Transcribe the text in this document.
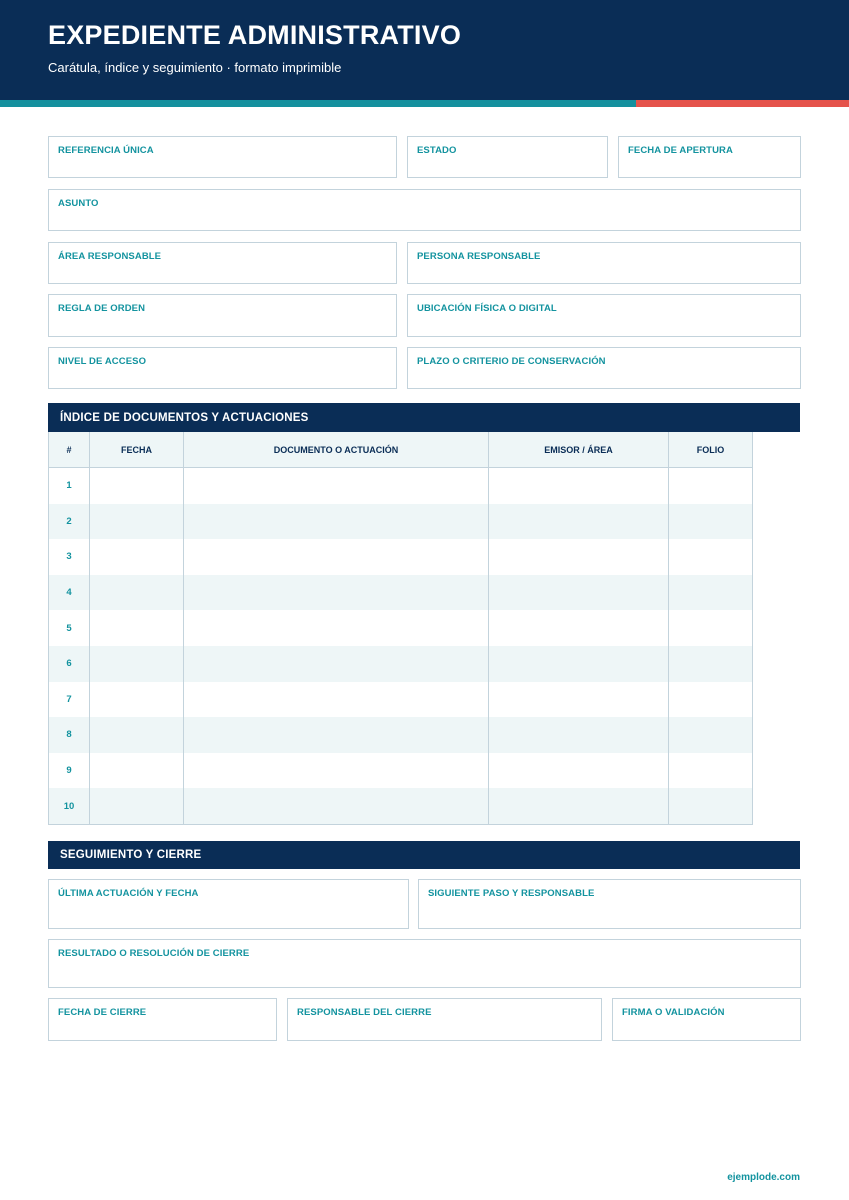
EXPEDIENTE ADMINISTRATIVO
Carátula, índice y seguimiento · formato imprimible
REFERENCIA ÚNICA	ESTADO	FECHA DE APERTURA
ASUNTO
ÁREA RESPONSABLE	PERSONA RESPONSABLE
REGLA DE ORDEN	UBICACIÓN FÍSICA O DIGITAL
NIVEL DE ACCESO	PLAZO O CRITERIO DE CONSERVACIÓN
ÍNDICE DE DOCUMENTOS Y ACTUACIONES
#	FECHA	DOCUMENTO O ACTUACIÓN	EMISOR / ÁREA	FOLIO
1
2
3
4
5
6
7
8
9
10
SEGUIMIENTO Y CIERRE
ÚLTIMA ACTUACIÓN Y FECHA	SIGUIENTE PASO Y RESPONSABLE
RESULTADO O RESOLUCIÓN DE CIERRE
FECHA DE CIERRE	RESPONSABLE DEL CIERRE	FIRMA O VALIDACIÓN
ejemplode.com
